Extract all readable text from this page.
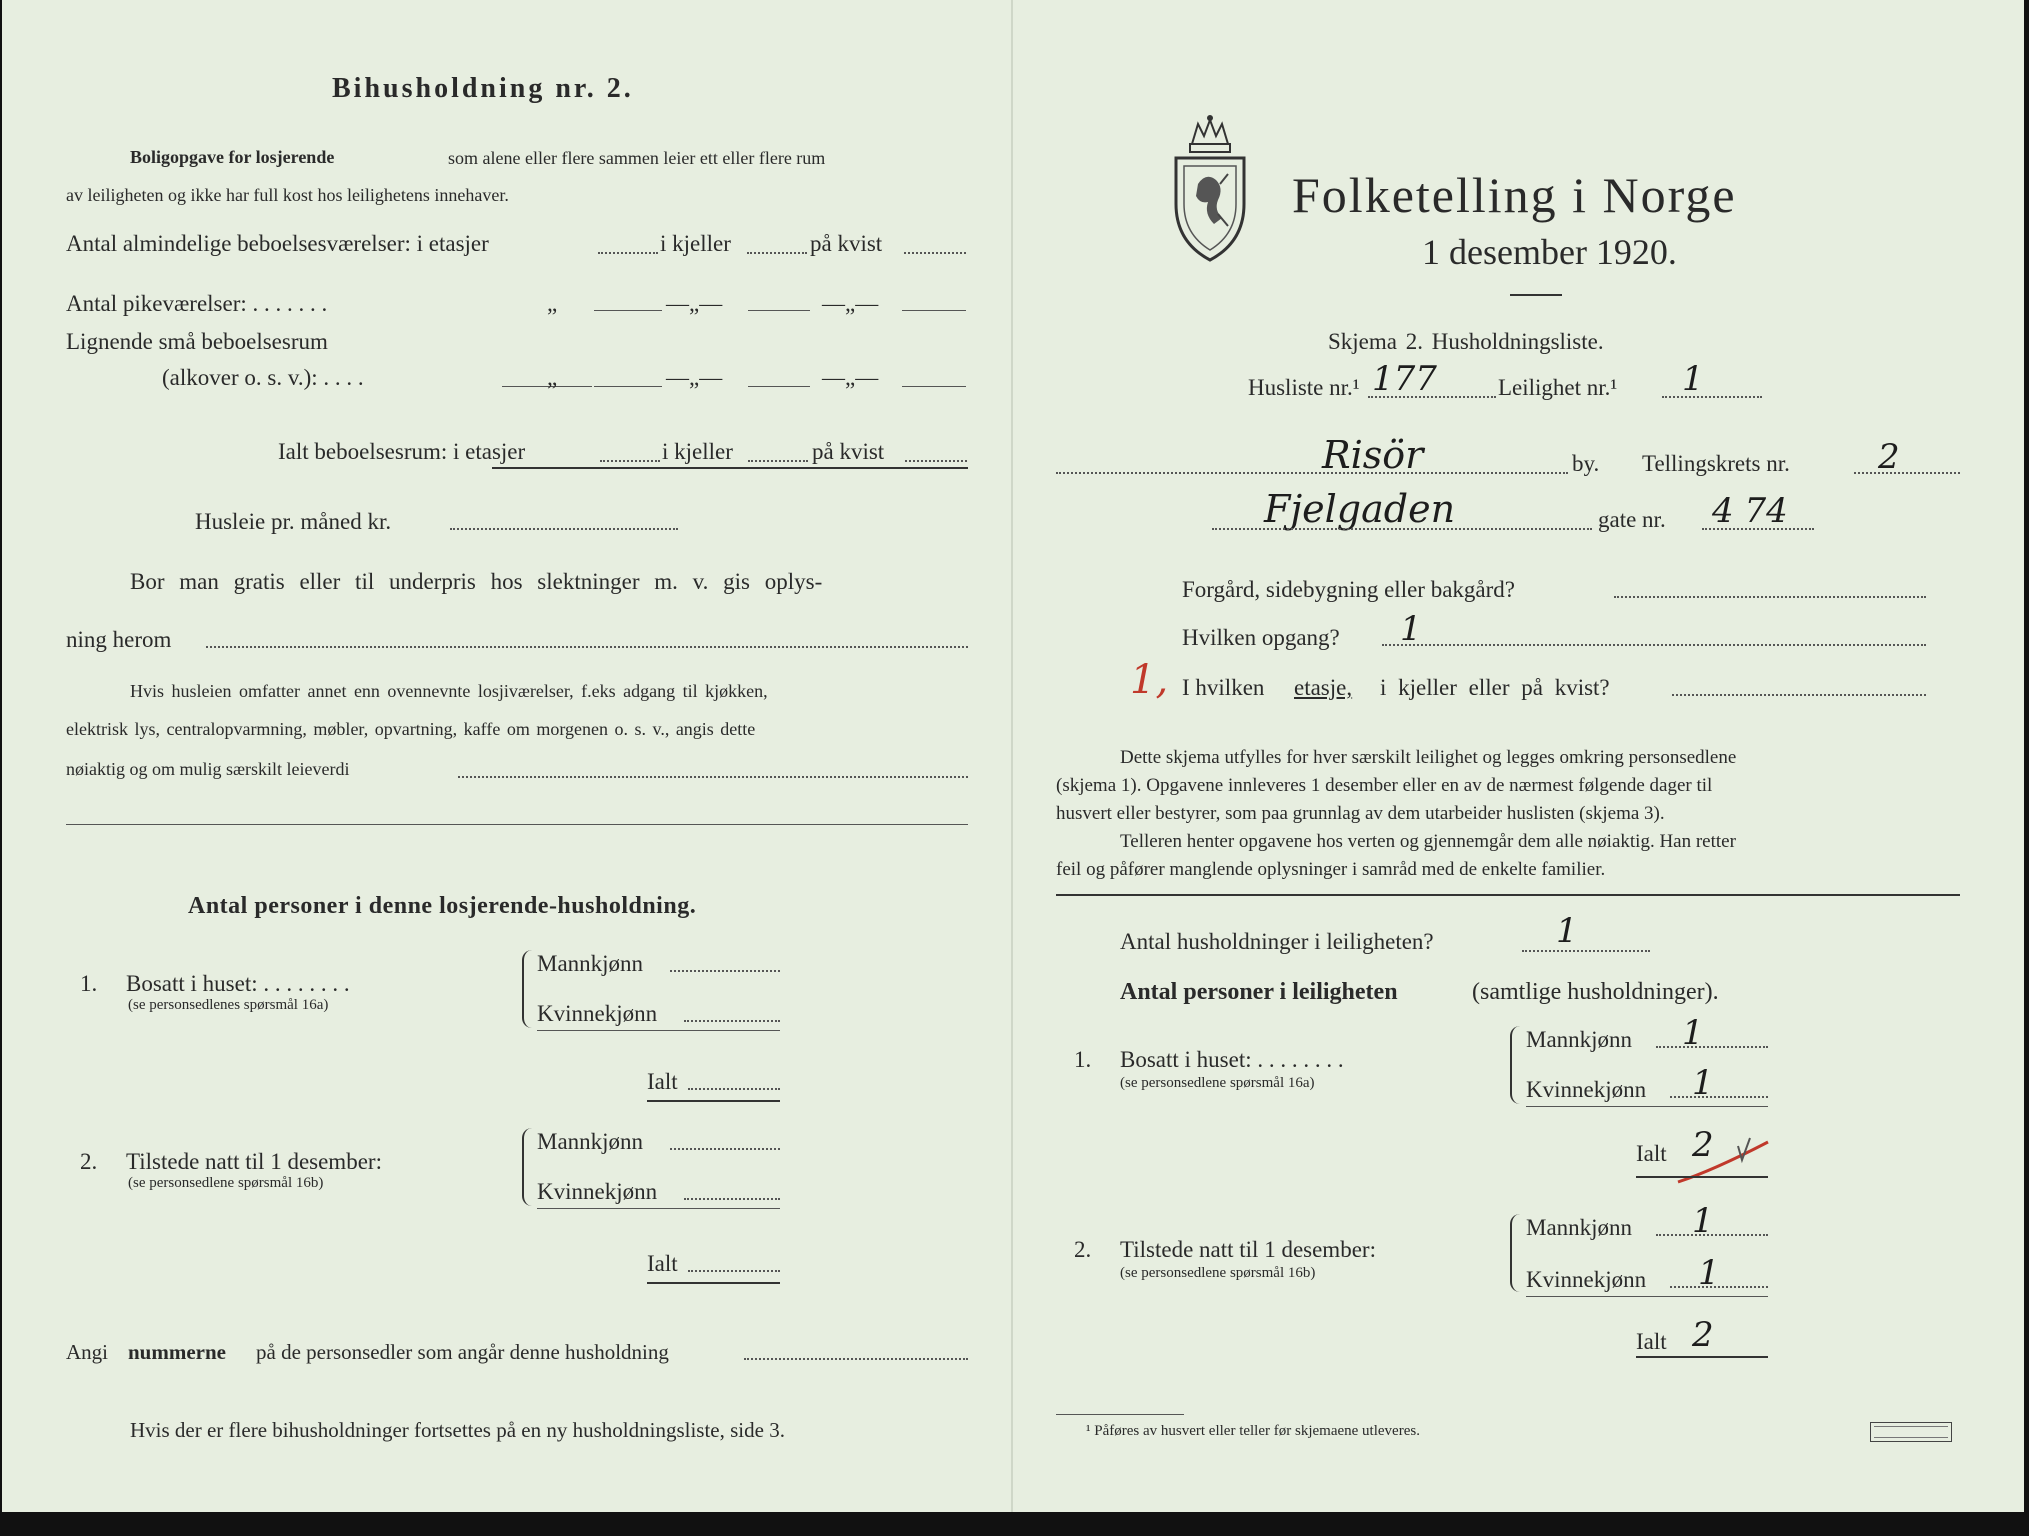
Bihusholdning nr. 2.
Boligopgave for losjerende	som alene eller flere sammen leier ett eller flere rum
av leiligheten og ikke har full kost hos leilighetens innehaver.
Antal almindelige beboelsesværelser: i etasjer	i kjeller	på kvist
Antal pikeværelser: . . . . . . .	„	—„—	—„—
Lignende små beboelsesrum
(alkover o. s. v.): . . . .	„	—„—	—„—
Ialt beboelsesrum: i etasjer	i kjeller	på kvist
Husleie pr. måned kr.
Bor man gratis eller til underpris hos slektninger m. v. gis oplys-
ning herom
Hvis husleien omfatter annet enn ovennevnte losjiværelser, f.eks adgang til kjøkken,
elektrisk lys, centralopvarmning, møbler, opvartning, kaffe om morgenen o. s. v., angis dette
nøiaktig og om mulig særskilt leieverdi
Antal personer i denne losjerende-husholdning.
1. Bosatt i huset: . . . . . . . .
(se personsedlenes spørsmål 16a)
Mannkjønn
Kvinnekjønn
Ialt
2. Tilstede natt til 1 desember:
(se personsedlene spørsmål 16b)
Mannkjønn
Kvinnekjønn
Ialt
Angi nummerne på de personsedler som angår denne husholdning
Hvis der er flere bihusholdninger fortsettes på en ny husholdningsliste, side 3.
Folketelling i Norge
1 desember 1920.
Skjema 2. Husholdningsliste.
Husliste nr.¹ 177	Leilighet nr.¹ 1
Risör	by. Tellingskrets nr.	2
Fjelgaden	gate nr. 4 74
Forgård, sidebygning eller bakgård?
Hvilken opgang? 1
1, I hvilken etasje, i kjeller eller på kvist?
Dette skjema utfylles for hver særskilt leilighet og legges omkring personsedlene
(skjema 1). Opgavene innleveres 1 desember eller en av de nærmest følgende dager til
husvert eller bestyrer, som paa grunnlag av dem utarbeider huslisten (skjema 3).
Telleren henter opgavene hos verten og gjennemgår dem alle nøiaktig. Han retter
feil og påfører manglende oplysninger i samråd med de enkelte familier.
Antal husholdninger i leiligheten?	1
Antal personer i leiligheten	(samtlige husholdninger).
1. Bosatt i huset: . . . . . . . .
(se personsedlene spørsmål 16a)
Mannkjønn 1
Kvinnekjønn 1
Ialt 2
2. Tilstede natt til 1 desember:
(se personsedlene spørsmål 16b)
Mannkjønn 1
Kvinnekjønn 1
Ialt 2
¹ Påføres av husvert eller teller før skjemaene utleveres.
